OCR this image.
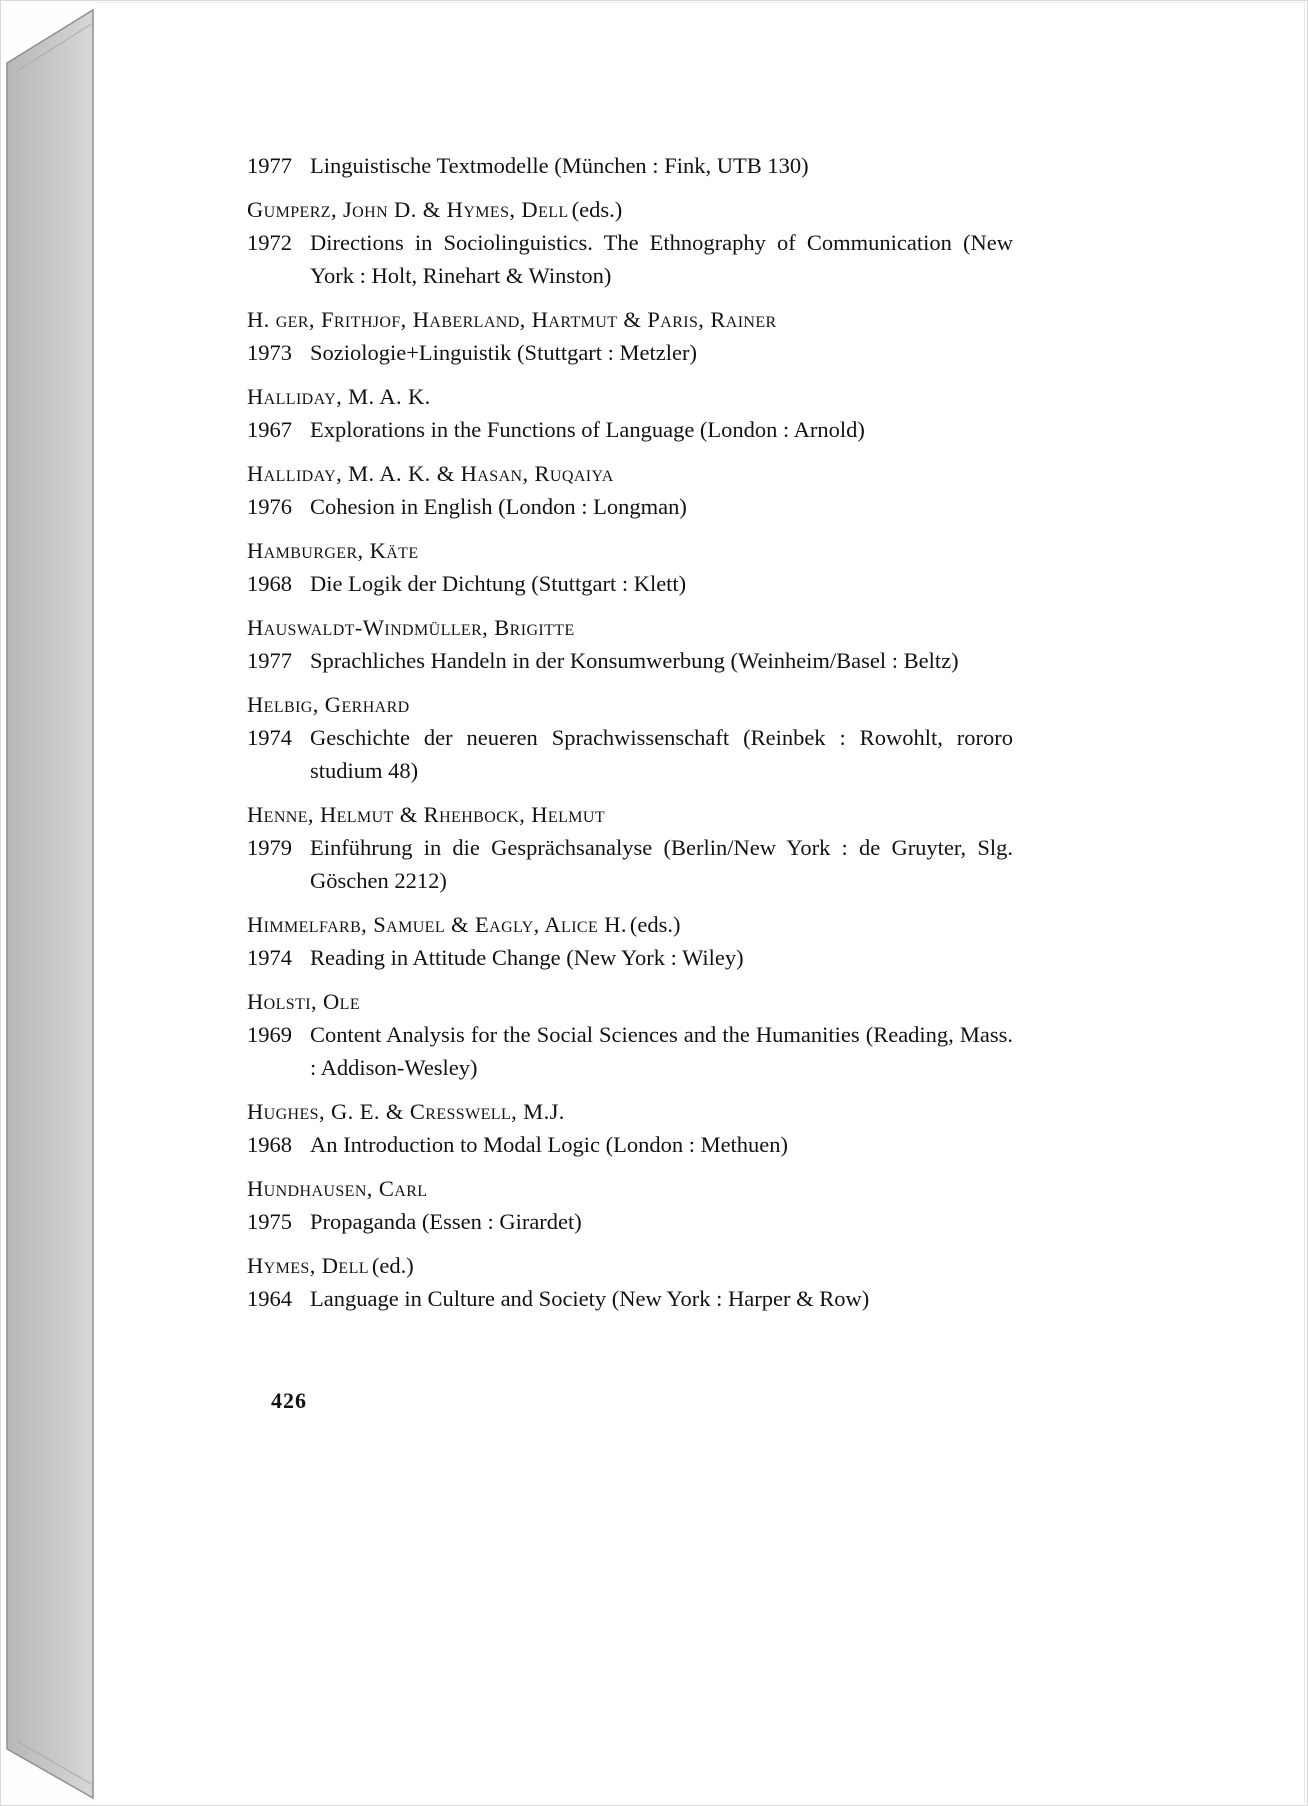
1977 Linguistische Textmodelle (München : Fink, UTB 130)
Gumperz, John D. & Hymes, Dell (eds.)
1972 Directions in Sociolinguistics. The Ethnography of Communication (New York : Holt, Rinehart & Winston)
H. ger, Frithjof, Haberland, Hartmut & Paris, Rainer
1973 Soziologie+Linguistik (Stuttgart : Metzler)
Halliday, M. A. K.
1967 Explorations in the Functions of Language (London : Arnold)
Halliday, M. A. K. & Hasan, Ruqaiya
1976 Cohesion in English (London : Longman)
Hamburger, Käte
1968 Die Logik der Dichtung (Stuttgart : Klett)
Hauswaldt-Windmüller, Brigitte
1977 Sprachliches Handeln in der Konsumwerbung (Weinheim/Basel : Beltz)
Helbig, Gerhard
1974 Geschichte der neueren Sprachwissenschaft (Reinbek : Rowohlt, rororo studium 48)
Henne, Helmut & Rhehbock, Helmut
1979 Einführung in die Gesprächsanalyse (Berlin/New York : de Gruyter, Slg. Göschen 2212)
Himmelfarb, Samuel & Eagly, Alice H. (eds.)
1974 Reading in Attitude Change (New York : Wiley)
Holsti, Ole
1969 Content Analysis for the Social Sciences and the Humanities (Reading, Mass. : Addison-Wesley)
Hughes, G. E. & Cresswell, M.J.
1968 An Introduction to Modal Logic (London : Methuen)
Hundhausen, Carl
1975 Propaganda (Essen : Girardet)
Hymes, Dell (ed.)
1964 Language in Culture and Society (New York : Harper & Row)
426
